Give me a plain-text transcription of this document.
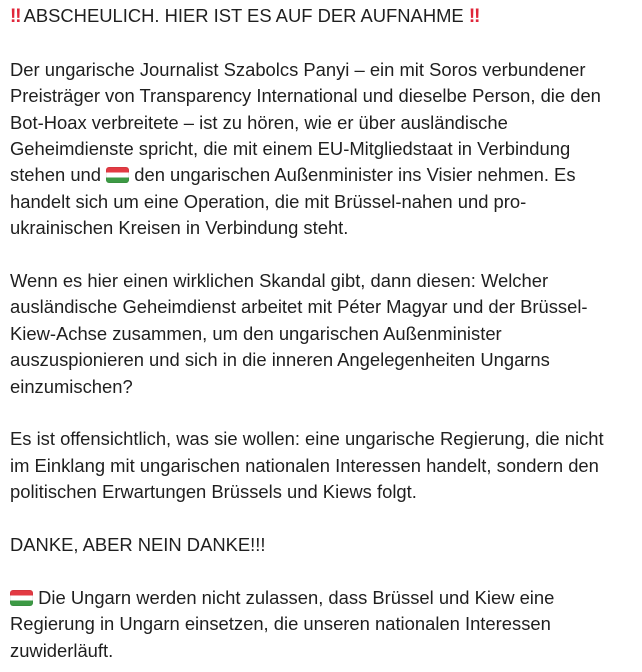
‼ ABSCHEULICH. HIER IST ES AUF DER AUFNAHME ‼

Der ungarische Journalist Szabolcs Panyi – ein mit Soros verbundener
Preisträger von Transparency International und dieselbe Person, die den
Bot-Hoax verbreitete – ist zu hören, wie er über ausländische
Geheimdienste spricht, die mit einem EU-Mitgliedstaat in Verbindung
stehen und  den ungarischen Außenminister ins Visier nehmen. Es
handelt sich um eine Operation, die mit Brüssel-nahen und pro-
ukrainischen Kreisen in Verbindung steht.

Wenn es hier einen wirklichen Skandal gibt, dann diesen: Welcher
ausländische Geheimdienst arbeitet mit Péter Magyar und der Brüssel-
Kiew-Achse zusammen, um den ungarischen Außenminister
auszuspionieren und sich in die inneren Angelegenheiten Ungarns
einzumischen?

Es ist offensichtlich, was sie wollen: eine ungarische Regierung, die nicht
im Einklang mit ungarischen nationalen Interessen handelt, sondern den
politischen Erwartungen Brüssels und Kiews folgt.

DANKE, ABER NEIN DANKE!!!

Die Ungarn werden nicht zulassen, dass Brüssel und Kiew eine
Regierung in Ungarn einsetzen, die unseren nationalen Interessen
zuwiderläuft.
